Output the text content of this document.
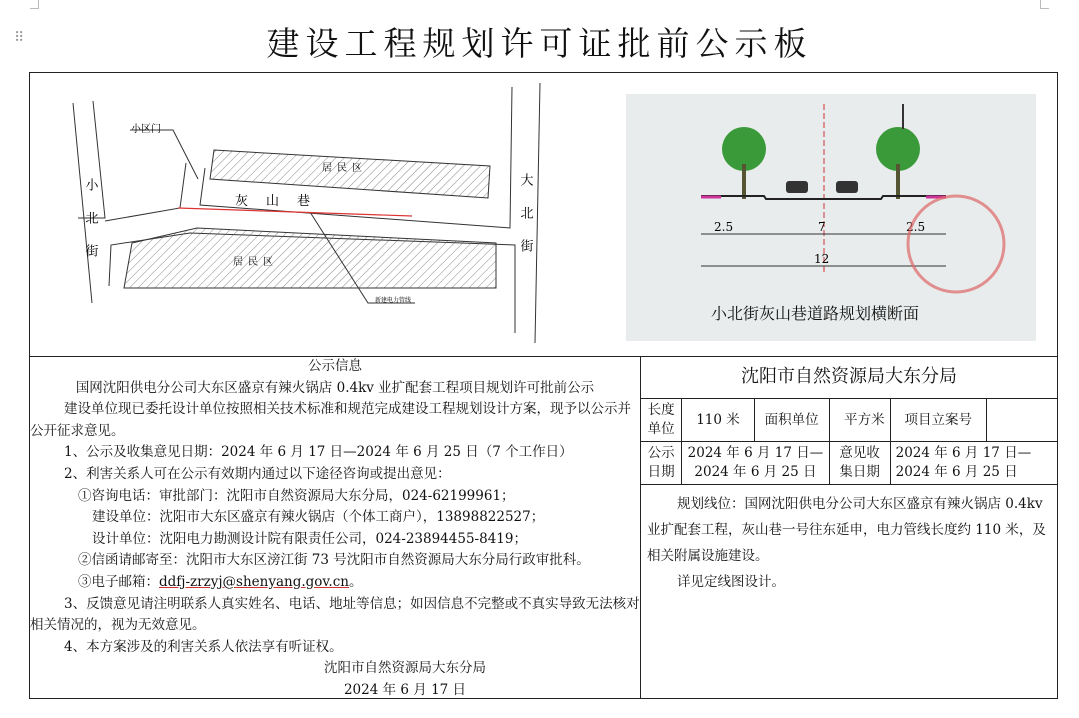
⠿	建设工程规划许可证批前公示板
小区门
居民区
居民区
灰山巷
新建电力管线
小北街	大北街	2.5	7	2.5
12
小北街灰山巷道路规划横断面

公示信息

国网沈阳供电分公司大东区盛京有辣火锅店 0.4kv 业扩配套工程项目规划许可批前公示

建设单位现已委托设计单位按照相关技术标准和规范完成建设工程规划设计方案，现予以公示并公开征求意见。

1、公示及收集意见日期：2024 年 6 月 17 日—2024 年 6 月 25 日（7 个工作日）

2、利害关系人可在公示有效期内通过以下途径咨询或提出意见：

①咨询电话：审批部门：沈阳市自然资源局大东分局，024-62199961；

建设单位：沈阳市大东区盛京有辣火锅店（个体工商户），13898822527；

设计单位：沈阳电力勘测设计院有限责任公司，024-23894455-8419；

②信函请邮寄至：沈阳市大东区滂江街 73 号沈阳市自然资源局大东分局行政审批科。

③电子邮箱：ddfj-zrzyj@shenyang.gov.cn。

3、反馈意见请注明联系人真实姓名、电话、地址等信息；如因信息不完整或不真实导致无法核对相关情况的，视为无效意见。

4、本方案涉及的利害关系人依法享有听证权。

沈阳市自然资源局大东分局

2024 年 6 月 17 日

沈阳市自然资源局大东分局
长度单位	110 米	面积单位	平方米	项目立案号	
公示日期	2024 年 6 月 17 日—2024 年 6 月 25 日		意见收集日期	2024 年 6 月 17 日—2024 年 6 月 25 日	

规划线位：国网沈阳供电分公司大东区盛京有辣火锅店 0.4kv 业扩配套工程，灰山巷一号往东延申，电力管线长度约 110 米，及相关附属设施建设。

详见定线图设计。
